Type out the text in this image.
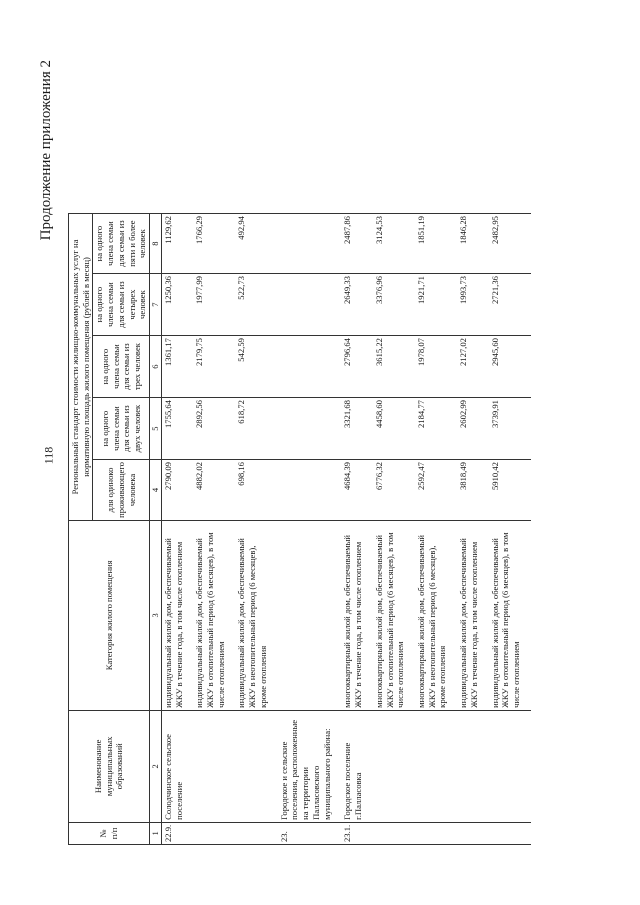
118
Продолжение приложения 2
№ п/п	Наименование муниципальных образований	Категория жилого помещения	Региональный стандарт стоимости жилищно-коммунальных услуг на нормативную площадь жилого помещения (рублей в месяц)				
			для одиноко проживающего человека	на одного члена семьи для семьи из двух человек	на одного члена семьи для семьи из трех человек	на одного члена семьи для семьи из четырех человек	на одного члена семьи для семьи из пяти и более человек
1	2	3	4	5	6	7	8
22.9.	Солодчинское сельское поселение	индивидуальный жилой дом, обеспечиваемый ЖКУ в течение года, в том числе отоплением	2790,09	1755,64	1361,17	1250,36	1129,62

		индивидуальный жилой дом, обеспечиваемый ЖКУ в отопительный период (6 месяцев), в том числе отоплением	4882,02	2892,56	2179,75	1977,99	1766,29

		индивидуальный жилой дом, обеспечиваемый ЖКУ в неотопительный период (6 месяцев), кроме отопления	698,16	618,72	542,59	522,73	492,94

23.	Городское и сельские поселения, расположенные на территории Палласовского муниципального района:						

23.1.	Городское поселение г.Палласовка	многоквартирный жилой дом, обеспечиваемый ЖКУ в течение года, в том числе отоплением	4684,39	3321,68	2796,64	2649,33	2487,86

		многоквартирный жилой дом, обеспечиваемый ЖКУ в отопительный период (6 месяцев), в том числе отоплением	6776,32	4458,60	3615,22	3376,96	3124,53

		многоквартирный жилой дом, обеспечиваемый ЖКУ в неотопительный период (6 месяцев), кроме отопления	2592,47	2184,77	1978,07	1921,71	1851,19

		индивидуальный жилой дом, обеспечиваемый ЖКУ в течение года, в том числе отоплением	3818,49	2602,99	2127,02	1993,73	1846,28

		индивидуальный жилой дом, обеспечиваемый ЖКУ в отопительный период (6 месяцев), в том числе отоплением	5910,42	3739,91	2945,60	2721,36	2482,95
